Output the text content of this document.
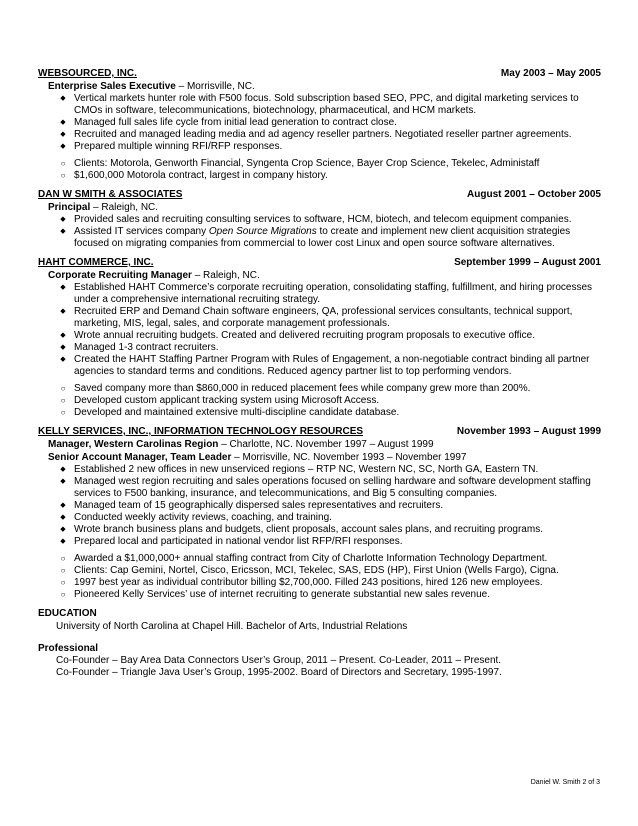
WEBSOURCED, INC.	May 2003 – May 2005
Enterprise Sales Executive – Morrisville, NC.
◆ Vertical markets hunter role with F500 focus. Sold subscription based SEO, PPC, and digital marketing services to CMOs in software, telecommunications, biotechnology, pharmaceutical, and HCM markets.
◆ Managed full sales life cycle from initial lead generation to contract close.
◆ Recruited and managed leading media and ad agency reseller partners. Negotiated reseller partner agreements.
◆ Prepared multiple winning RFI/RFP responses.
○ Clients: Motorola, Genworth Financial, Syngenta Crop Science, Bayer Crop Science, Tekelec, Administaff
○ $1,600,000 Motorola contract, largest in company history.
DAN W SMITH & ASSOCIATES	August 2001 – October 2005
Principal – Raleigh, NC.
◆ Provided sales and recruiting consulting services to software, HCM, biotech, and telecom equipment companies.
◆ Assisted IT services company Open Source Migrations to create and implement new client acquisition strategies focused on migrating companies from commercial to lower cost Linux and open source software alternatives.
HAHT COMMERCE, INC.	September 1999 – August 2001
Corporate Recruiting Manager – Raleigh, NC.
◆ Established HAHT Commerce’s corporate recruiting operation, consolidating staffing, fulfillment, and hiring processes under a comprehensive international recruiting strategy.
◆ Recruited ERP and Demand Chain software engineers, QA, professional services consultants, technical support, marketing, MIS, legal, sales, and corporate management professionals.
◆ Wrote annual recruiting budgets. Created and delivered recruiting program proposals to executive office.
◆ Managed 1-3 contract recruiters.
◆ Created the HAHT Staffing Partner Program with Rules of Engagement, a non-negotiable contract binding all partner agencies to standard terms and conditions. Reduced agency partner list to top performing vendors.
○ Saved company more than $860,000 in reduced placement fees while company grew more than 200%.
○ Developed custom applicant tracking system using Microsoft Access.
○ Developed and maintained extensive multi-discipline candidate database.
KELLY SERVICES, INC., INFORMATION TECHNOLOGY RESOURCES	November 1993 – August 1999
Manager, Western Carolinas Region – Charlotte, NC. November 1997 – August 1999
Senior Account Manager, Team Leader – Morrisville, NC. November 1993 – November 1997
◆ Established 2 new offices in new unserviced regions – RTP NC, Western NC, SC, North GA, Eastern TN.
◆ Managed west region recruiting and sales operations focused on selling hardware and software development staffing services to F500 banking, insurance, and telecommunications, and Big 5 consulting companies.
◆ Managed team of 15 geographically dispersed sales representatives and recruiters.
◆ Conducted weekly activity reviews, coaching, and training.
◆ Wrote branch business plans and budgets, client proposals, account sales plans, and recruiting programs.
◆ Prepared local and participated in national vendor list RFP/RFI responses.
○ Awarded a $1,000,000+ annual staffing contract from City of Charlotte Information Technology Department.
○ Clients: Cap Gemini, Nortel, Cisco, Ericsson, MCI, Tekelec, SAS, EDS (HP), First Union (Wells Fargo), Cigna.
○ 1997 best year as individual contributor billing $2,700,000. Filled 243 positions, hired 126 new employees.
○ Pioneered Kelly Services’ use of internet recruiting to generate substantial new sales revenue.
EDUCATION
University of North Carolina at Chapel Hill. Bachelor of Arts, Industrial Relations
Professional
Co-Founder – Bay Area Data Connectors User’s Group, 2011 – Present. Co-Leader, 2011 – Present.
Co-Founder – Triangle Java User’s Group, 1995-2002. Board of Directors and Secretary, 1995-1997.
Daniel W. Smith 2 of 3
